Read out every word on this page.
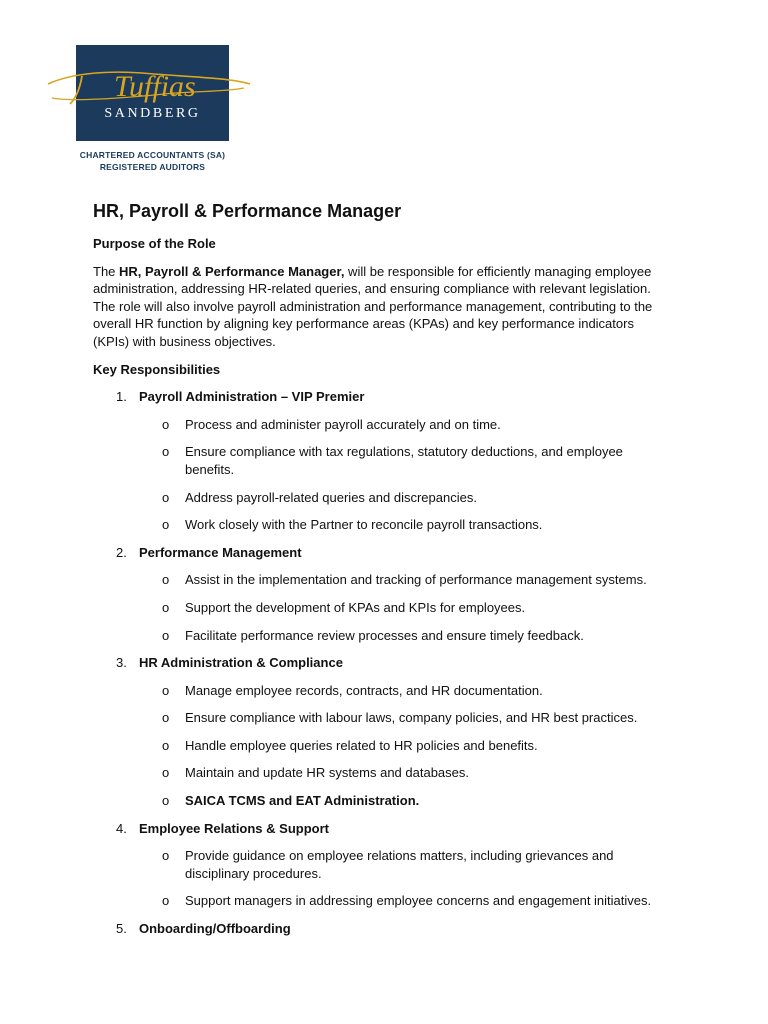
Tuffias
SANDBERG
CHARTERED ACCOUNTANTS (SA)
REGISTERED AUDITORS
HR, Payroll & Performance Manager
Purpose of the Role
The HR, Payroll & Performance Manager, will be responsible for efficiently managing employee administration, addressing HR-related queries, and ensuring compliance with relevant legislation. The role will also involve payroll administration and performance management, contributing to the overall HR function by aligning key performance areas (KPAs) and key performance indicators (KPIs) with business objectives.
Key Responsibilities
1. Payroll Administration – VIP Premier
o Process and administer payroll accurately and on time.
o Ensure compliance with tax regulations, statutory deductions, and employee benefits.
o Address payroll-related queries and discrepancies.
o Work closely with the Partner to reconcile payroll transactions.
2. Performance Management
o Assist in the implementation and tracking of performance management systems.
o Support the development of KPAs and KPIs for employees.
o Facilitate performance review processes and ensure timely feedback.
3. HR Administration & Compliance
o Manage employee records, contracts, and HR documentation.
o Ensure compliance with labour laws, company policies, and HR best practices.
o Handle employee queries related to HR policies and benefits.
o Maintain and update HR systems and databases.
o SAICA TCMS and EAT Administration.
4. Employee Relations & Support
o Provide guidance on employee relations matters, including grievances and disciplinary procedures.
o Support managers in addressing employee concerns and engagement initiatives.
5. Onboarding/Offboarding
